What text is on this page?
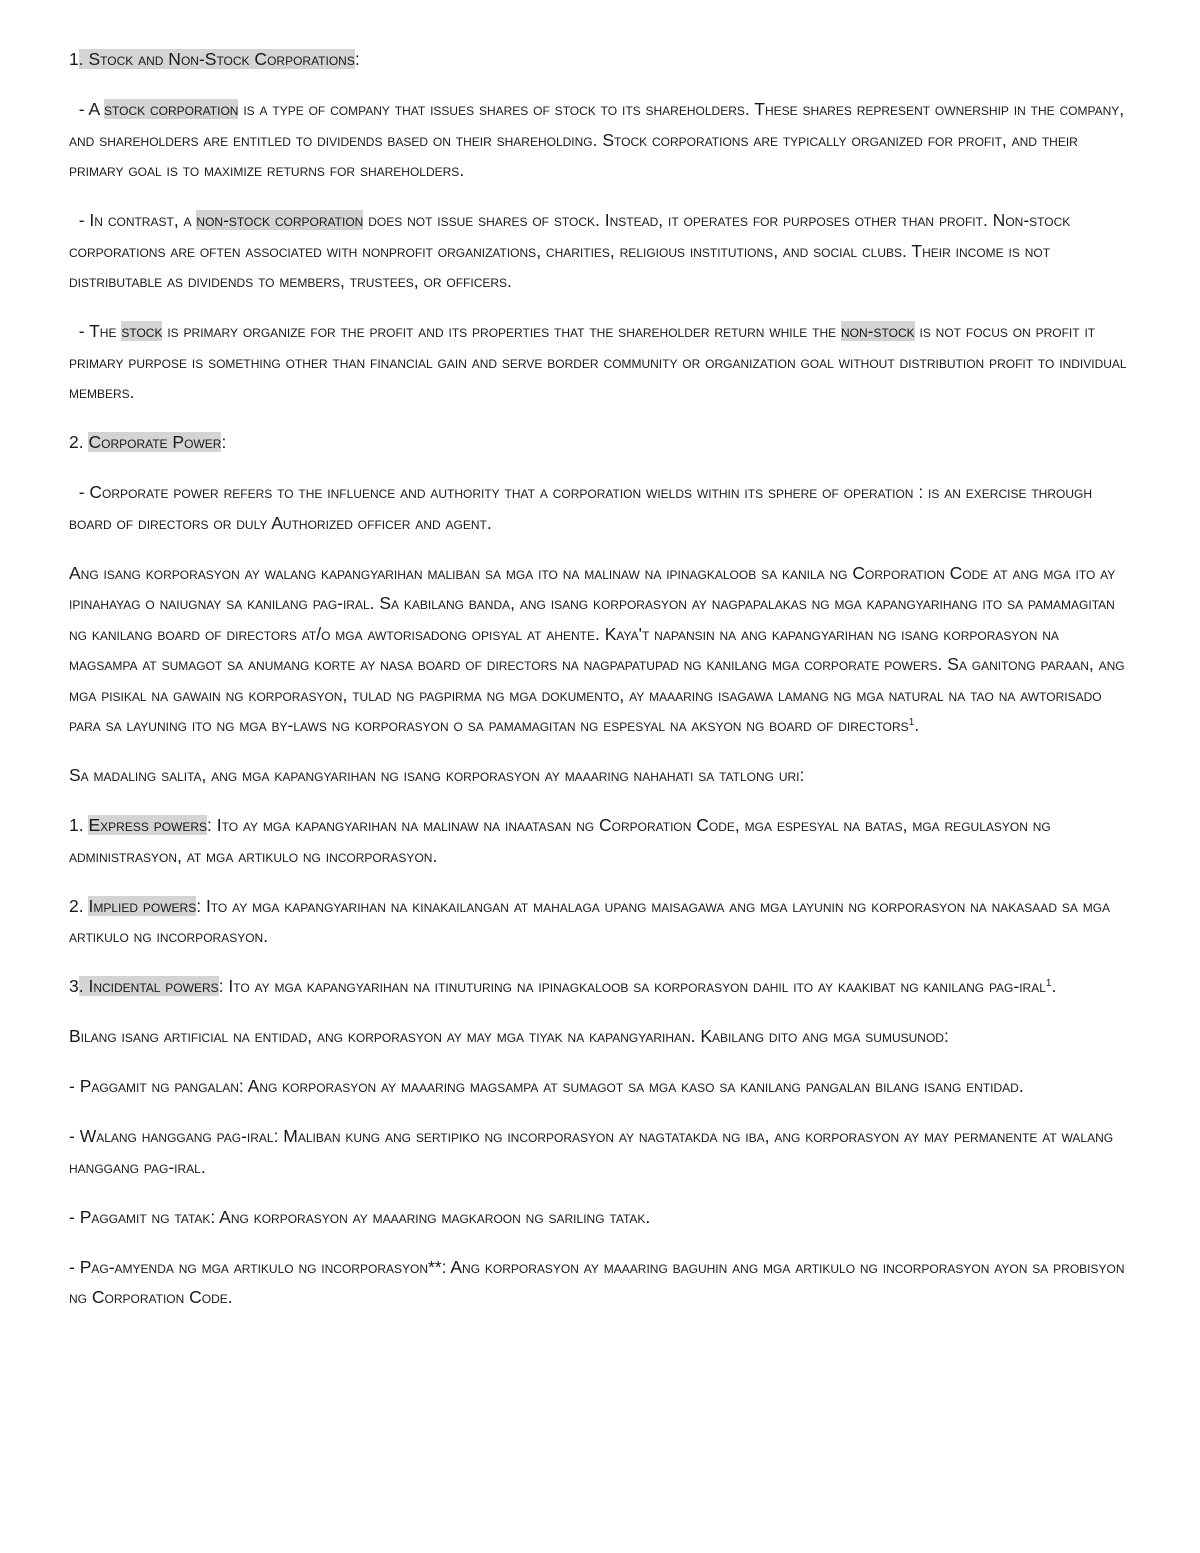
1. Stock and Non-Stock Corporations:

- A stock corporation is a type of company that issues shares of stock to its shareholders. These shares represent ownership in the company, and shareholders are entitled to dividends based on their shareholding. Stock corporations are typically organized for profit, and their primary goal is to maximize returns for shareholders.

- In contrast, a non-stock corporation does not issue shares of stock. Instead, it operates for purposes other than profit. Non-stock corporations are often associated with nonprofit organizations, charities, religious institutions, and social clubs. Their income is not distributable as dividends to members, trustees, or officers.

- The stock is primary organize for the profit and its properties that the shareholder return while the non-stock is not focus on profit it primary purpose is something other than financial gain and serve border community or organization goal without distribution profit to individual members.

2. Corporate Power:

- Corporate power refers to the influence and authority that a corporation wields within its sphere of operation : is an exercise through board of directors or duly Authorized officer and agent.

Ang isang korporasyon ay walang kapangyarihan maliban sa mga ito na malinaw na ipinagkaloob sa kanila ng Corporation Code at ang mga ito ay ipinahayag o naiugnay sa kanilang pag-iral. Sa kabilang banda, ang isang korporasyon ay nagpapalakas ng mga kapangyarihang ito sa pamamagitan ng kanilang board of directors at/o mga awtorisadong opisyal at ahente. Kaya't napansin na ang kapangyarihan ng isang korporasyon na magsampa at sumagot sa anumang korte ay nasa board of directors na nagpapatupad ng kanilang mga corporate powers. Sa ganitong paraan, ang mga pisikal na gawain ng korporasyon, tulad ng pagpirma ng mga dokumento, ay maaaring isagawa lamang ng mga natural na tao na awtorisado para sa layuning ito ng mga by-laws ng korporasyon o sa pamamagitan ng espesyal na aksyon ng board of directors$^1$.

Sa madaling salita, ang mga kapangyarihan ng isang korporasyon ay maaaring nahahati sa tatlong uri:

1. Express powers: Ito ay mga kapangyarihan na malinaw na inaatasan ng Corporation Code, mga espesyal na batas, mga regulasyon ng administrasyon, at mga artikulo ng incorporasyon.

2. Implied powers: Ito ay mga kapangyarihan na kinakailangan at mahalaga upang maisagawa ang mga layunin ng korporasyon na nakasaad sa mga artikulo ng incorporasyon.

3. Incidental powers: Ito ay mga kapangyarihan na itinuturing na ipinagkaloob sa korporasyon dahil ito ay kaakibat ng kanilang pag-iral$^1$.

Bilang isang artificial na entidad, ang korporasyon ay may mga tiyak na kapangyarihan. Kabilang dito ang mga sumusunod:

- Paggamit ng pangalan: Ang korporasyon ay maaaring magsampa at sumagot sa mga kaso sa kanilang pangalan bilang isang entidad.

- Walang hanggang pag-iral: Maliban kung ang sertipiko ng incorporasyon ay nagtatakda ng iba, ang korporasyon ay may permanente at walang hanggang pag-iral.

- Paggamit ng tatak: Ang korporasyon ay maaaring magkaroon ng sariling tatak.

- Pag-amyenda ng mga artikulo ng incorporasyon**: Ang korporasyon ay maaaring baguhin ang mga artikulo ng incorporasyon ayon sa probisyon ng Corporation Code.
